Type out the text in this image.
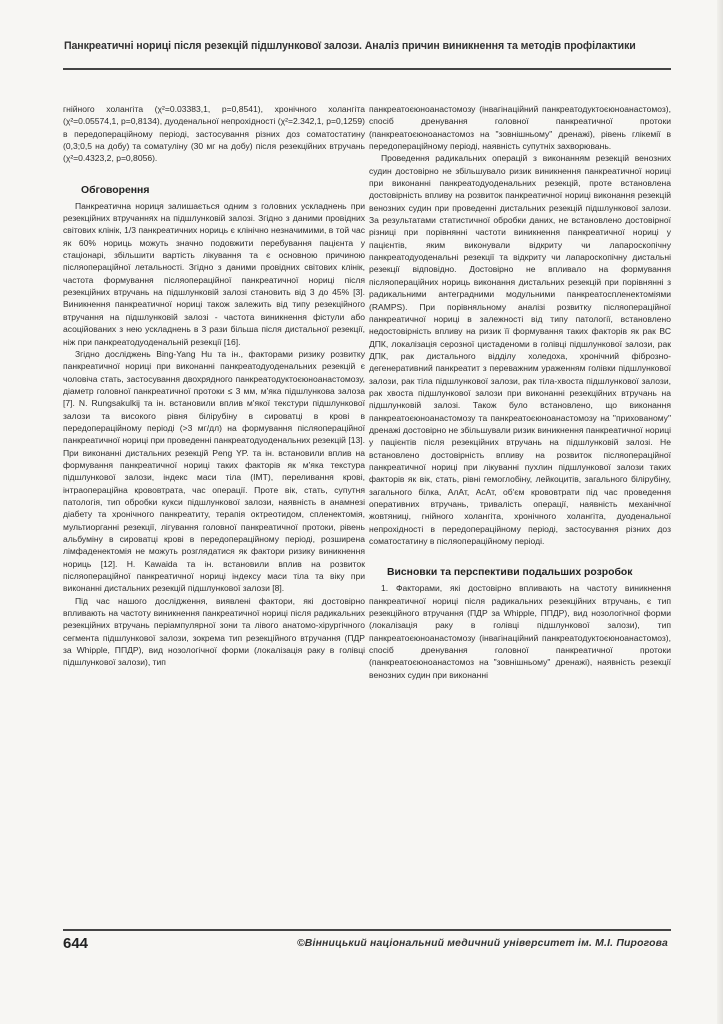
Панкреатичні нориці після резекцій підшлункової залози. Аналіз причин виникнення та методів профілактики

гнійного холангіта (χ²=0.03383,1, p=0,8541), хронічного холангіта (χ²=0.05574,1, p=0,8134), дуоденальної непрохідності (χ²=2.342,1, p=0,1259) в передопераційному періоді, застосування різних доз соматостатину (0,3;0,5 на добу) та соматуліну (30 мг на добу) після резекційних втручань (χ²=0.4323,2, p=0,8056).

Обговорення

Панкреатична нориця залишається одним з головних ускладнень при резекційних втручаннях на підшлунковій залозі. Згідно з даними провідних світових клінік, 1/3 панкреатичних нориць є клінічно незначимими, в той час як 60% нориць можуть значно подовжити перебування пацієнта у стаціонарі, збільшити вартість лікування та є основною причиною післяопераційної летальності. Згідно з даними провідних світових клінік, частота формування післяопераційної панкреатичної нориці після резекційних втручань на підшлунковій залозі становить від 3 до 45% [3]. Виникнення панкреатичної нориці також залежить від типу резекційного втручання на підшлунковій залозі - частота виникнення фістули або асоційованих з нею ускладнень в 3 рази більша після дистальної резекції, ніж при панкреатодуоденальній резекції [16].

Згідно досліджень Bing-Yang Hu та ін., факторами ризику розвитку панкреатичної нориці при виконанні панкреатодуоденальних резекцій є чоловіча стать, застосування двохрядного панкреатодуктоєюноанастомозу, діаметр головної панкреатичної протоки ≤ 3 мм, м'яка підшлункова залоза [7]. N. Rungsakulkij та ін. встановили вплив м'якої текстури підшлункової залози та високого рівня білірубіну в сироватці в крові в передопераційному періоді (>3 мг/дл) на формування післяопераційної панкреатичної нориці при проведенні панкреатодуоденальних резекцій [13]. При виконанні дистальних резекцій Peng YP. та ін. встановили вплив на формування панкреатичної нориці таких факторів як м'яка текстура підшлункової залози, індекс маси тіла (ІМТ), переливання крові, інтраопераційна крововтрата, час операції. Проте вік, стать, супутня патологія, тип обробки кукси підшлункової залози, наявність в анамнезі діабету та хронічного панкреатиту, терапія октреотидом, спленектомія, мультиорганні резекції, лігування головної панкреатичної протоки, рівень альбуміну в сироватці крові в передопераційному періоді, розширена лімфаденектомія не можуть розглядатися як фактори ризику виникнення нориць [12]. H. Kawaida та ін. встановили вплив на розвиток післяопераційної панкреатичної нориці індексу маси тіла та віку при виконанні дистальних резекцій підшлункової залози [8].

Під час нашого дослідження, виявлені фактори, які достовірно впливають на частоту виникнення панкреатичної нориці після радикальних резекційних втручань періампулярної зони та лівого анатомо-хірургічного сегмента підшлункової залози, зокрема тип резекційного втручання (ПДР за Whipple, ППДР), вид нозологічної форми (локалізація раку в голівці підшлункової залози), тип

панкреатоєюноанастомозу (інвагінаційний панкреатодуктоєюноанастомоз), спосіб дренування головної панкреатичної протоки (панкреатоєюноанастомоз на "зовнішньому" дренажі), рівень глікемії в передопераційному періоді, наявність супутніх захворювань.

Проведення радикальних операцій з виконанням резекцій венозних судин достовірно не збільшувало ризик виникнення панкреатичної нориці при виконанні панкреатодуоденальних резекцій, проте встановлена достовірність впливу на розвиток панкреатичної нориці виконання резекцій венозних судин при проведенні дистальних резекцій підшлункової залози. За результатами статистичної обробки даних, не встановлено достовірної різниці при порівнянні частоти виникнення панкреатичної нориці у пацієнтів, яким виконували відкриту чи лапароскопічну панкреатодуоденальні резекції та відкриту чи лапароскопічну дистальні резекції відповідно. Достовірно не впливало на формування післяопераційних нориць виконання дистальних резекцій при порівнянні з радикальними антеградними модульними панкреатоспленектоміями (RAMPS). При порівняльному аналізі розвитку післяопераційної панкреатичної нориці в залежності від типу патології, встановлено недостовірність впливу на ризик її формування таких факторів як рак ВС ДПК, локалізація серозної цистаденоми в голівці підшлункової залози, рак ДПК, рак дистального відділу холедоха, хронічний фіброзно-дегенеративний панкреатит з переважним ураженням голівки підшлункової залози, рак тіла підшлункової залози, рак тіла-хвоста підшлункової залози, рак хвоста підшлункової залози при виконанні резекційних втручань на підшлунковій залозі. Також було встановлено, що виконання панкреатоєюноанастомозу та панкреатоєюноанастомозу на "прихованому" дренажі достовірно не збільшували ризик виникнення панкреатичної нориці у пацієнтів після резекційних втручань на підшлунковій залозі. Не встановлено достовірність впливу на розвиток післяопераційної панкреатичної нориці при лікуванні пухлин підшлункової залози таких факторів як вік, стать, рівні гемоглобіну, лейкоцитів, загального білірубіну, загального білка, АлАт, АсАт, об'єм крововтрати під час проведення оперативних втручань, тривалість операції, наявність механічної жовтяниці, гнійного холангіта, хронічного холангіта, дуоденальної непрохідності в передопераційному періоді, застосування різних доз соматостатину в післяопераційному періоді.

Висновки та перспективи подальших розробок

1. Факторами, які достовірно впливають на частоту виникнення панкреатичної нориці після радикальних резекційних втручань, є тип резекційного втручання (ПДР за Whipple, ППДР), вид нозологічної форми (локалізація раку в голівці підшлункової залози), тип панкреатоєюноанастомозу (інвагінаційний панкреатодуктоєюноанастомоз), спосіб дренування головної панкреатичної протоки (панкреатоєюноанастомоз на "зовнішньому" дренажі), наявність резекції венозних судин при виконанні

644	©Вінницький національний медичний університет ім. М.І. Пирогова
